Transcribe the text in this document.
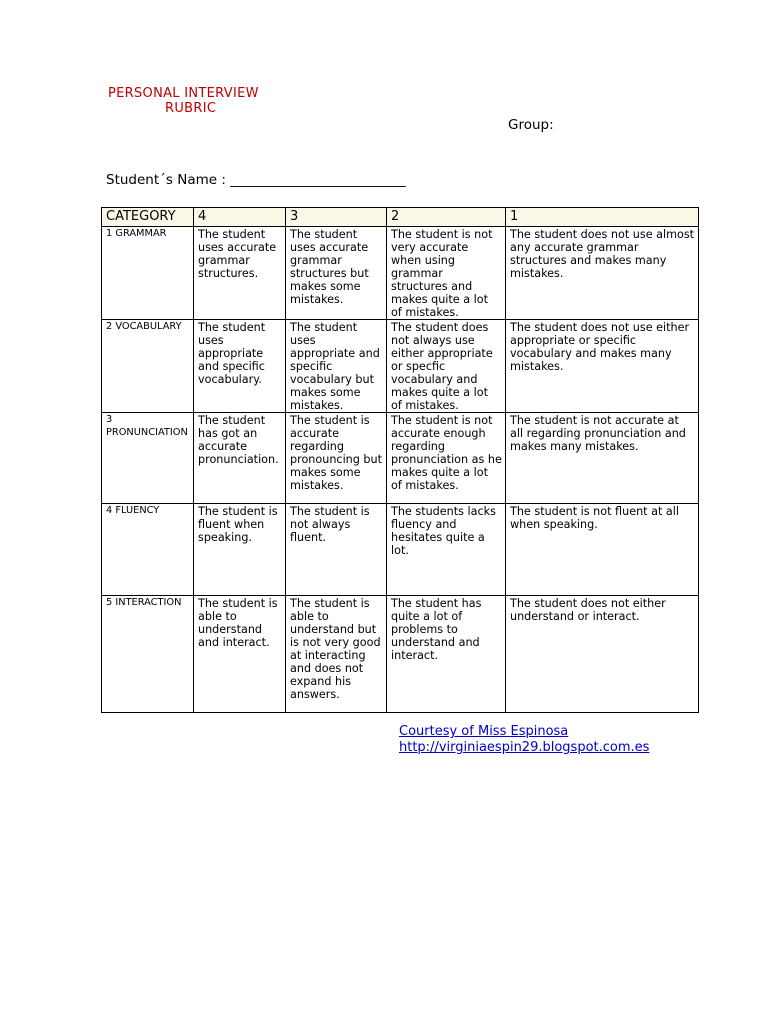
PERSONAL INTERVIEW
RUBRIC
Group:
Student´s Name : __________________________
CATEGORY	4	3	2	1
1 GRAMMAR	The student uses accurate grammar structures.	The student uses accurate grammar structures but makes some mistakes.	The student is not very accurate when using grammar structures and makes quite a lot of mistakes.	The student does not use almost any accurate grammar structures and makes many mistakes.
2 VOCABULARY	The student uses appropriate and specific vocabulary.	The student uses appropriate and specific vocabulary but makes some mistakes.	The student does not always use either appropriate or specfic vocabulary and makes quite a lot of mistakes.	The student does not use either appropriate or specific vocabulary and makes many mistakes.
3 PRONUNCIATION	The student has got an accurate pronunciation.	The student is accurate regarding pronouncing but makes some mistakes.	The student is not accurate enough regarding pronunciation as he makes quite a lot of mistakes.	The student is not accurate at all regarding pronunciation and makes many mistakes.
4 FLUENCY	The student is fluent when speaking.	The student is not always fluent.	The students lacks fluency and hesitates quite a lot.	The student is not fluent at all when speaking.
5 INTERACTION	The student is able to understand and interact.	The student is able to understand but is not very good at interacting and does not expand his answers.	The student has quite a lot of problems to understand and interact.	The student does not either understand or interact.
Courtesy of Miss Espinosa
http://virginiaespin29.blogspot.com.es
